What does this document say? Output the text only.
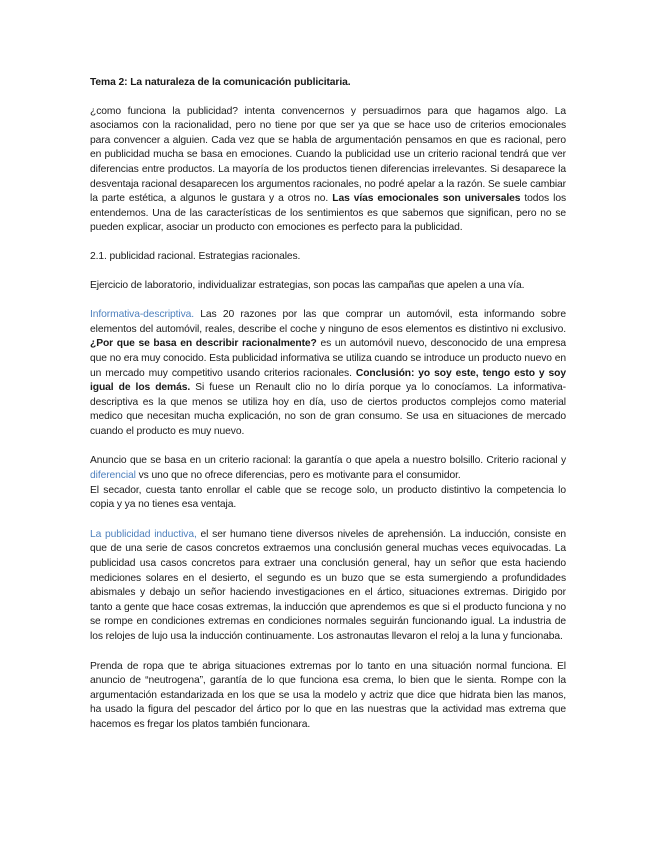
Tema 2: La naturaleza de la comunicación publicitaria.

¿como funciona la publicidad? intenta convencernos y persuadirnos para que hagamos algo. La asociamos con la racionalidad, pero no tiene por que ser ya que se hace uso de criterios emocionales para convencer a alguien. Cada vez que se habla de argumentación pensamos en que es racional, pero en publicidad mucha se basa en emociones. Cuando la publicidad use un criterio racional tendrá que ver diferencias entre productos. La mayoría de los productos tienen diferencias irrelevantes. Si desaparece la desventaja racional desaparecen los argumentos racionales, no podré apelar a la razón. Se suele cambiar la parte estética, a algunos le gustara y a otros no. Las vías emocionales son universales todos los entendemos. Una de las características de los sentimientos es que sabemos que significan, pero no se pueden explicar, asociar un producto con emociones es perfecto para la publicidad.

2.1. publicidad racional. Estrategias racionales.

Ejercicio de laboratorio, individualizar estrategias, son pocas las campañas que apelen a una vía.

Informativa-descriptiva. Las 20 razones por las que comprar un automóvil, esta informando sobre elementos del automóvil, reales, describe el coche y ninguno de esos elementos es distintivo ni exclusivo. ¿Por que se basa en describir racionalmente? es un automóvil nuevo, desconocido de una empresa que no era muy conocido. Esta publicidad informativa se utiliza cuando se introduce un producto nuevo en un mercado muy competitivo usando criterios racionales. Conclusión: yo soy este, tengo esto y soy igual de los demás. Si fuese un Renault clio no lo diría porque ya lo conocíamos. La informativa-descriptiva es la que menos se utiliza hoy en día, uso de ciertos productos complejos como material medico que necesitan mucha explicación, no son de gran consumo. Se usa en situaciones de mercado cuando el producto es muy nuevo.

Anuncio que se basa en un criterio racional: la garantía o que apela a nuestro bolsillo. Criterio racional y diferencial vs uno que no ofrece diferencias, pero es motivante para el consumidor.

El secador, cuesta tanto enrollar el cable que se recoge solo, un producto distintivo la competencia lo copia y ya no tienes esa ventaja.

La publicidad inductiva, el ser humano tiene diversos niveles de aprehensión. La inducción, consiste en que de una serie de casos concretos extraemos una conclusión general muchas veces equivocadas. La publicidad usa casos concretos para extraer una conclusión general, hay un señor que esta haciendo mediciones solares en el desierto, el segundo es un buzo que se esta sumergiendo a profundidades abismales y debajo un señor haciendo investigaciones en el ártico, situaciones extremas. Dirigido por tanto a gente que hace cosas extremas, la inducción que aprendemos es que si el producto funciona y no se rompe en condiciones extremas en condiciones normales seguirán funcionando igual. La industria de los relojes de lujo usa la inducción continuamente. Los astronautas llevaron el reloj a la luna y funcionaba.

Prenda de ropa que te abriga situaciones extremas por lo tanto en una situación normal funciona. El anuncio de “neutrogena”, garantía de lo que funciona esa crema, lo bien que le sienta. Rompe con la argumentación estandarizada en los que se usa la modelo y actriz que dice que hidrata bien las manos, ha usado la figura del pescador del ártico por lo que en las nuestras que la actividad mas extrema que hacemos es fregar los platos también funcionara.
